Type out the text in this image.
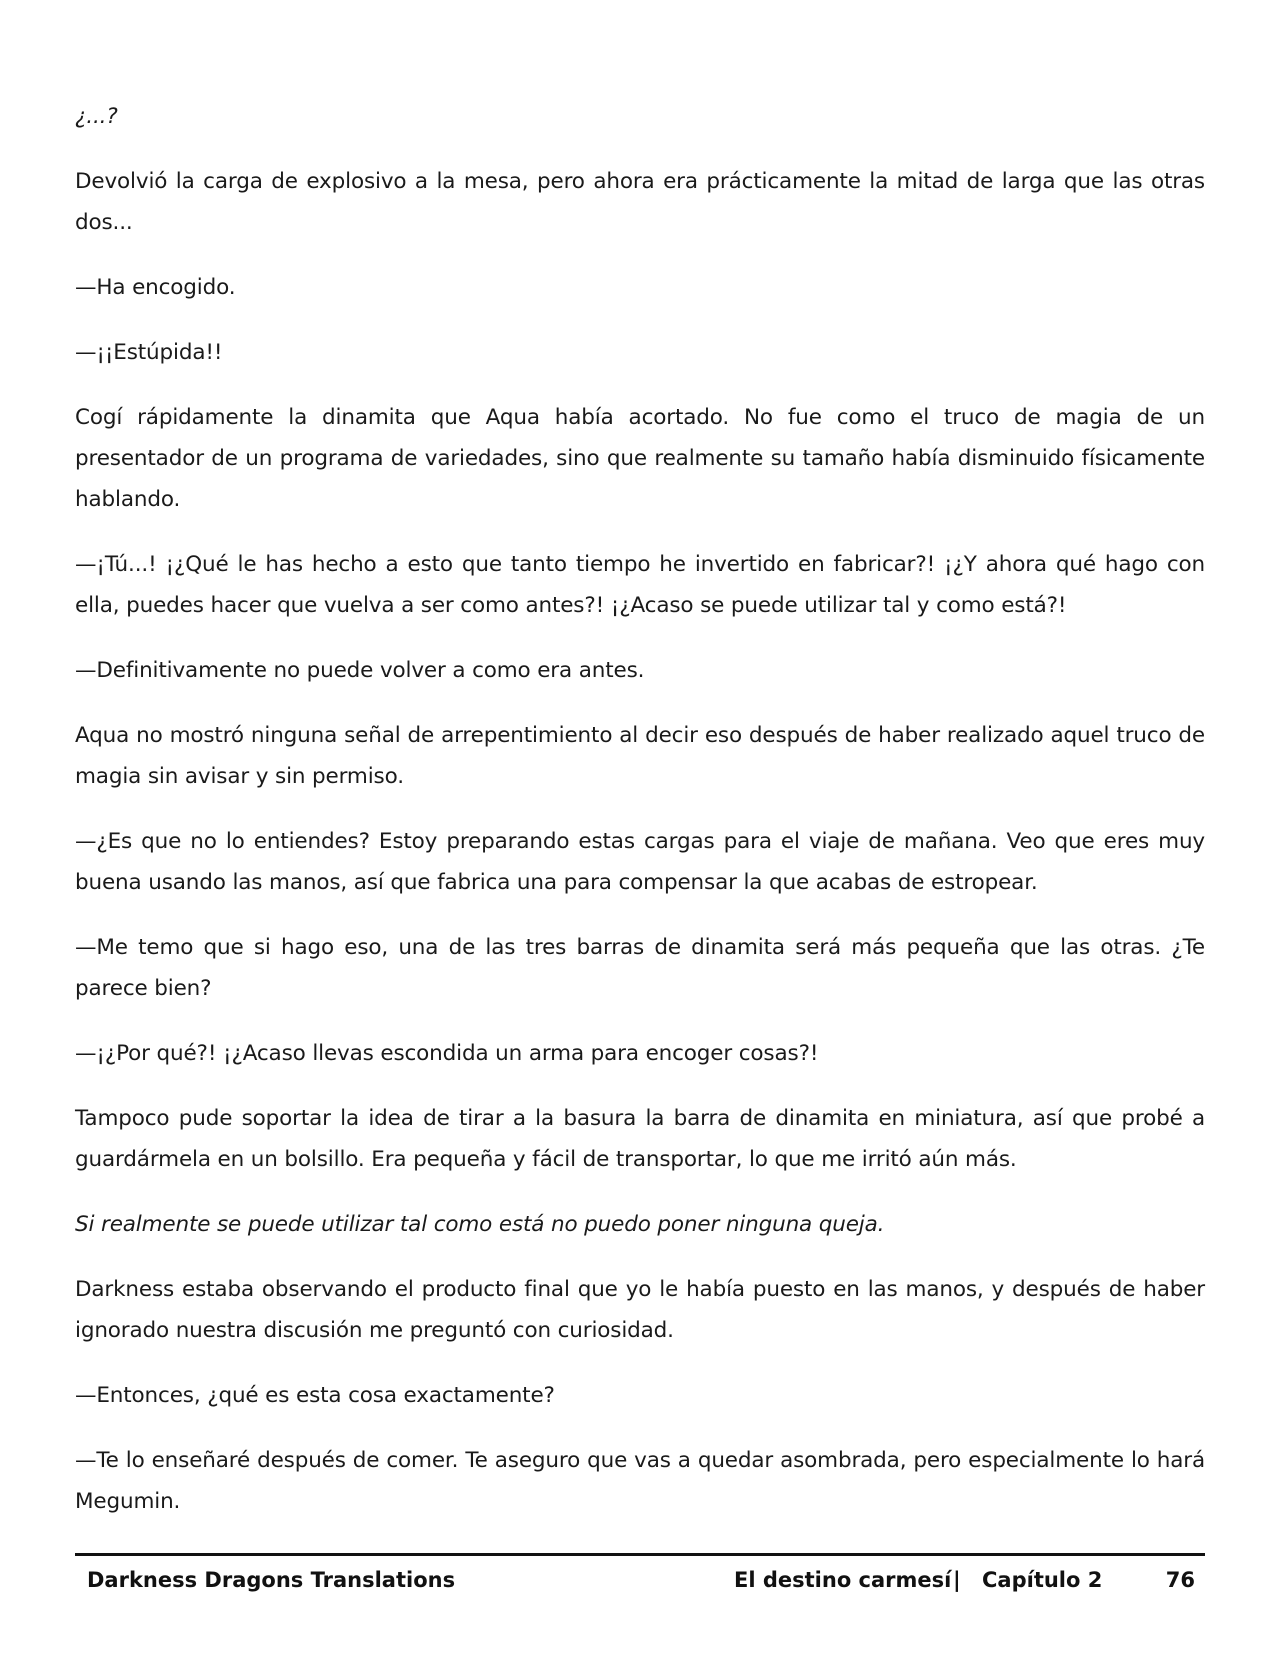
¿...?

Devolvió la carga de explosivo a la mesa, pero ahora era prácticamente la mitad de larga que las otras dos...

—Ha encogido.

—¡¡Estúpida!!

Cogí rápidamente la dinamita que Aqua había acortado. No fue como el truco de magia de un presentador de un programa de variedades, sino que realmente su tamaño había disminuido físicamente hablando.

—¡Tú...! ¡¿Qué le has hecho a esto que tanto tiempo he invertido en fabricar?! ¡¿Y ahora qué hago con ella, puedes hacer que vuelva a ser como antes?! ¡¿Acaso se puede utilizar tal y como está?!

—Definitivamente no puede volver a como era antes.

Aqua no mostró ninguna señal de arrepentimiento al decir eso después de haber realizado aquel truco de magia sin avisar y sin permiso.

—¿Es que no lo entiendes? Estoy preparando estas cargas para el viaje de mañana. Veo que eres muy buena usando las manos, así que fabrica una para compensar la que acabas de estropear.

—Me temo que si hago eso, una de las tres barras de dinamita será más pequeña que las otras. ¿Te parece bien?

—¡¿Por qué?! ¡¿Acaso llevas escondida un arma para encoger cosas?!

Tampoco pude soportar la idea de tirar a la basura la barra de dinamita en miniatura, así que probé a guardármela en un bolsillo. Era pequeña y fácil de transportar, lo que me irritó aún más.

Si realmente se puede utilizar tal como está no puedo poner ninguna queja.

Darkness estaba observando el producto final que yo le había puesto en las manos, y después de haber ignorado nuestra discusión me preguntó con curiosidad.

—Entonces, ¿qué es esta cosa exactamente?

—Te lo enseñaré después de comer. Te aseguro que vas a quedar asombrada, pero especialmente lo hará Megumin.

Darkness Dragons Translations	El destino carmesí | Capítulo 2	76
